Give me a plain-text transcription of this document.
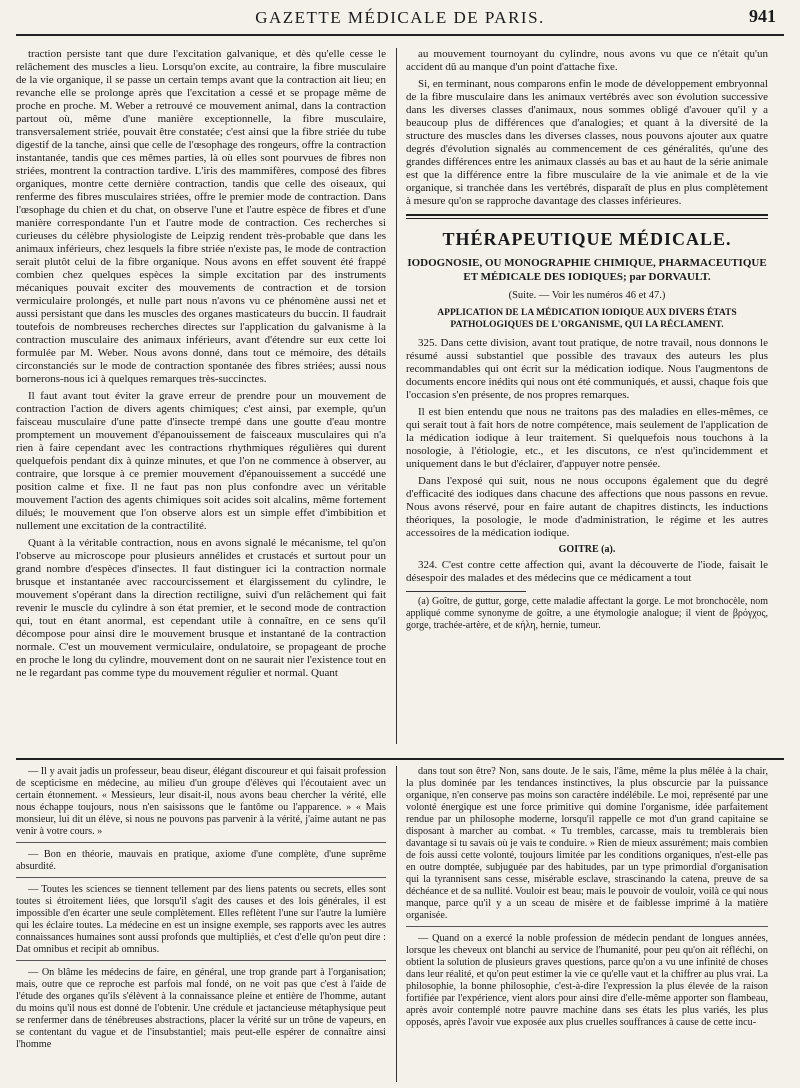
GAZETTE MÉDICALE DE PARIS.	941

traction persiste tant que dure l'excitation galvanique, et dès qu'elle cesse le relâchement des muscles a lieu. Lorsqu'on excite, au contraire, la fibre musculaire de la vie organique, il se passe un certain temps avant que la contraction ait lieu; en revanche elle se prolonge après que l'excitation a cessé et se propage même de proche en proche. M. Weber a retrouvé ce mouvement animal, dans la contraction partout où, même d'une manière exceptionnelle, la fibre musculaire, transversalement striée, pouvait être constatée; c'est ainsi que la fibre striée du tube digestif de la tanche, ainsi que celle de l'œsophage des rongeurs, offre la contraction instantanée, tandis que ces mêmes parties, là où elles sont pourvues de fibres non striées, montrent la contraction tardive. L'iris des mammifères, composé des fibres organiques, montre cette dernière contraction, tandis que celle des oiseaux, qui renferme des fibres musculaires striées, offre le premier mode de contraction. Dans l'œsophage du chien et du chat, on observe l'une et l'autre espèce de fibres et d'une manière correspondante l'un et l'autre mode de contraction. Ces recherches si curieuses du célèbre physiologiste de Leipzig rendent très-probable que dans les animaux inférieurs, chez lesquels la fibre striée n'existe pas, le mode de contraction serait plutôt celui de la fibre organique. Nous avons en effet souvent été frappé combien chez quelques espèces la simple excitation par des instruments mécaniques pouvait exciter des mouvements de contraction et de torsion vermiculaire prolongés, et nulle part nous n'avons vu ce phénomène aussi net et aussi persistant que dans les muscles des organes masticateurs du buccin. Il faudrait toutefois de nombreuses recherches directes sur l'application du galvanisme à la contraction musculaire des animaux inférieurs, avant d'étendre sur eux cette loi formulée par M. Weber. Nous avons donné, dans tout ce mémoire, des détails circonstanciés sur le mode de contraction spontanée des fibres striées; aussi nous bornerons-nous ici à quelques remarques très-succinctes.

Il faut avant tout éviter la grave erreur de prendre pour un mouvement de contraction l'action de divers agents chimiques; c'est ainsi, par exemple, qu'un faisceau musculaire d'une patte d'insecte trempé dans une goutte d'eau montre promptement un mouvement d'épanouissement de faisceaux musculaires qui n'a rien à faire cependant avec les contractions rhythmiques régulières qui durent quelquefois pendant dix à quinze minutes, et que l'on ne commence à observer, au contraire, que lorsque à ce premier mouvement d'épanouissement a succédé une position calme et fixe. Il ne faut pas non plus confondre avec un véritable mouvement l'action des agents chimiques soit acides soit alcalins, même fortement dilués; le mouvement que l'on observe alors est un simple effet d'imbibition et nullement une excitation de la contractilité.

Quant à la véritable contraction, nous en avons signalé le mécanisme, tel qu'on l'observe au microscope pour plusieurs annélides et crustacés et surtout pour un grand nombre d'espèces d'insectes. Il faut distinguer ici la contraction normale brusque et instantanée avec raccourcissement et élargissement du cylindre, le mouvement s'opérant dans la direction rectiligne, suivi d'un relâchement qui fait revenir le muscle du cylindre à son état premier, et le second mode de contraction qui, tout en étant anormal, est cependant utile à connaître, en ce sens qu'il décompose pour ainsi dire le mouvement brusque et instantané de la contraction normale. C'est un mouvement vermiculaire, ondulatoire, se propageant de proche en proche le long du cylindre, mouvement dont on ne saurait nier l'existence tout en ne le regardant pas comme type du mouvement régulier et normal. Quant

au mouvement tournoyant du cylindre, nous avons vu que ce n'était qu'un accident dû au manque d'un point d'attache fixe.

Si, en terminant, nous comparons enfin le mode de développement embryonnal de la fibre musculaire dans les animaux vertébrés avec son évolution successive dans les diverses classes d'animaux, nous sommes obligé d'avouer qu'il y a beaucoup plus de différences que d'analogies; et quant à la diversité de la structure des muscles dans les diverses classes, nous pouvons ajouter aux quatre degrés d'évolution signalés au commencement de ces généralités, qu'une des grandes différences entre les animaux classés au bas et au haut de la série animale est que la différence entre la fibre musculaire de la vie animale et de la vie organique, si tranchée dans les vertébrés, disparaît de plus en plus complètement à mesure qu'on se rapproche davantage des classes inférieures.

THÉRAPEUTIQUE MÉDICALE.
IODOGNOSIE, OU MONOGRAPHIE CHIMIQUE, PHARMACEUTIQUE ET MÉDICALE DES IODIQUES; par DORVAULT.
(Suite. — Voir les numéros 46 et 47.)
APPLICATION DE LA MÉDICATION IODIQUE AUX DIVERS ÉTATS PATHOLOGIQUES DE L'ORGANISME, QUI LA RÉCLAMENT.

325. Dans cette division, avant tout pratique, de notre travail, nous donnons le résumé aussi substantiel que possible des travaux des auteurs les plus recommandables qui ont écrit sur la médication iodique. Nous l'augmentons de documents encore inédits qui nous ont été communiqués, et aussi, chaque fois que l'occasion s'en présente, de nos propres remarques.

Il est bien entendu que nous ne traitons pas des maladies en elles-mêmes, ce qui serait tout à fait hors de notre compétence, mais seulement de l'application de la médication iodique à leur traitement. Si quelquefois nous touchons à la nosologie, à l'étiologie, etc., et les discutons, ce n'est qu'incidemment et uniquement dans le but d'éclairer, d'appuyer notre pensée.

Dans l'exposé qui suit, nous ne nous occupons également que du degré d'efficacité des iodiques dans chacune des affections que nous passons en revue. Nous avons réservé, pour en faire autant de chapitres distincts, les inductions théoriques, la posologie, le mode d'administration, le régime et les autres accessoires de la médication iodique.

GOITRE (a).

324. C'est contre cette affection qui, avant la découverte de l'iode, faisait le désespoir des malades et des médecins que ce médicament a tout

(a) Goître, de guttur, gorge, cette maladie affectant la gorge. Le mot bronchocèle, nom appliqué comme synonyme de goître, a une étymologie analogue; il vient de βρόγχος, gorge, trachée-artère, et de κήλη, hernie, tumeur.

— Il y avait jadis un professeur, beau diseur, élégant discoureur et qui faisait profession de scepticisme en médecine, au milieu d'un groupe d'élèves qui l'écoutaient avec un certain étonnement. « Messieurs, leur disait-il, nous avons beau chercher la vérité, elle nous échappe toujours, nous n'en saisissons que le fantôme ou l'apparence. » « Mais monsieur, lui dit un élève, si nous ne pouvons pas parvenir à la vérité, j'aime autant ne pas venir à votre cours. »

— Bon en théorie, mauvais en pratique, axiome d'une complète, d'une suprême absurdité.

— Toutes les sciences se tiennent tellement par des liens patents ou secrets, elles sont toutes si étroitement liées, que lorsqu'il s'agit des causes et des lois générales, il est impossible d'en écarter une seule complètement. Elles reflètent l'une sur l'autre la lumière qui les éclaire toutes. La médecine en est un insigne exemple, ses rapports avec les autres connaissances humaines sont aussi profonds que multipliés, et c'est d'elle qu'on peut dire : Dat omnibus et recipit ab omnibus.

— On blâme les médecins de faire, en général, une trop grande part à l'organisation; mais, outre que ce reproche est parfois mal fondé, on ne voit pas que c'est à l'aide de l'étude des organes qu'ils s'élèvent à la connaissance pleine et entière de l'homme, autant du moins qu'il nous est donné de l'obtenir. Une crédule et jactancieuse métaphysique peut se renfermer dans de ténébreuses abstractions, placer la vérité sur un trône de vapeurs, en se contentant du vague et de l'insubstantiel; mais peut-elle espérer de connaître ainsi l'homme

dans tout son être? Non, sans doute. Je le sais, l'âme, même la plus mêlée à la chair, la plus dominée par les tendances instinctives, la plus obscurcie par la puissance organique, n'en conserve pas moins son caractère indélébile. Le moi, représenté par une volonté énergique est une force primitive qui domine l'organisme, idée parfaitement rendue par un philosophe moderne, lorsqu'il rappelle ce mot d'un grand capitaine se disposant à marcher au combat. « Tu trembles, carcasse, mais tu tremblerais bien davantage si tu savais où je vais te conduire. » Rien de mieux assurément; mais combien de fois aussi cette volonté, toujours limitée par les conditions organiques, n'est-elle pas en outre domptée, subjuguée par des habitudes, par un type primordial d'organisation qui la tyrannisent sans cesse, misérable esclave, strascinando la catena, preuve de sa déchéance et de sa nullité. Vouloir est beau; mais le pouvoir de vouloir, voilà ce qui nous manque, parce qu'il y a un sceau de misère et de faiblesse imprimé à la matière organisée.

— Quand on a exercé la noble profession de médecin pendant de longues années, lorsque les cheveux ont blanchi au service de l'humanité, pour peu qu'on ait réfléchi, on obtient la solution de plusieurs graves questions, parce qu'on a vu une infinité de choses dans leur réalité, et qu'on peut estimer la vie ce qu'elle vaut et la chiffrer au plus vrai. La philosophie, la bonne philosophie, c'est-à-dire l'expression la plus élevée de la raison fortifiée par l'expérience, vient alors pour ainsi dire d'elle-même apporter son flambeau, après avoir contemplé notre pauvre machine dans ses états les plus variés, les plus opposés, après l'avoir vue exposée aux plus cruelles souffrances à cause de cette incu-
